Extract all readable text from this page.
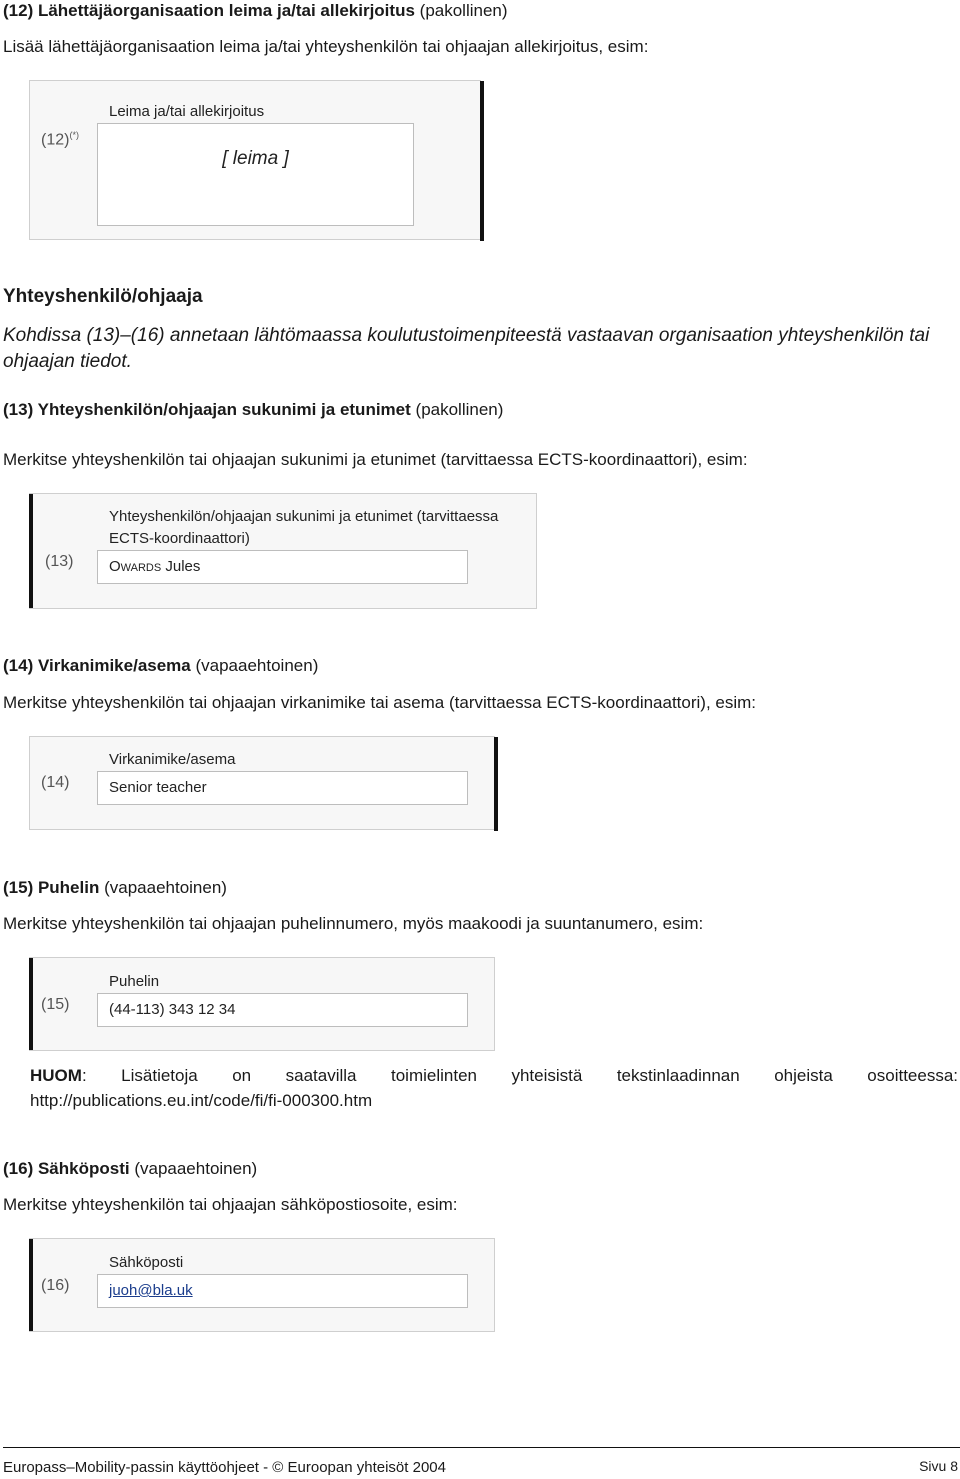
(12) Lähettäjäorganisaation leima ja/tai allekirjoitus (pakollinen)
Lisää lähettäjäorganisaation leima ja/tai yhteyshenkilön tai ohjaajan allekirjoitus, esim:
(12)(*)
Leima ja/tai allekirjoitus
[ leima ]
Yhteyshenkilö/ohjaaja
Kohdissa (13)–(16) annetaan lähtömaassa koulutustoimenpiteestä vastaavan organisaation yhteyshenkilön tai
ohjaajan tiedot.
(13) Yhteyshenkilön/ohjaajan sukunimi ja etunimet (pakollinen)
Merkitse yhteyshenkilön tai ohjaajan sukunimi ja etunimet (tarvittaessa ECTS-koordinaattori), esim:
(13)
Yhteyshenkilön/ohjaajan sukunimi ja etunimet (tarvittaessa
ECTS-koordinaattori)
OWARDS Jules
(14) Virkanimike/asema (vapaaehtoinen)
Merkitse yhteyshenkilön tai ohjaajan virkanimike tai asema (tarvittaessa ECTS-koordinaattori), esim:
(14)
Virkanimike/asema
Senior teacher
(15) Puhelin (vapaaehtoinen)
Merkitse yhteyshenkilön tai ohjaajan puhelinnumero, myös maakoodi ja suuntanumero, esim:
(15)
Puhelin
(44-113) 343 12 34
HUOM: Lisätietoja on saatavilla toimielinten yhteisistä tekstinlaadinnan ohjeista osoitteessa:
http://publications.eu.int/code/fi/fi-000300.htm
(16) Sähköposti (vapaaehtoinen)
Merkitse yhteyshenkilön tai ohjaajan sähköpostiosoite, esim:
(16)
Sähköposti
juoh@bla.uk
Europass–Mobility-passin käyttöohjeet - © Euroopan yhteisöt 2004	Sivu 8
